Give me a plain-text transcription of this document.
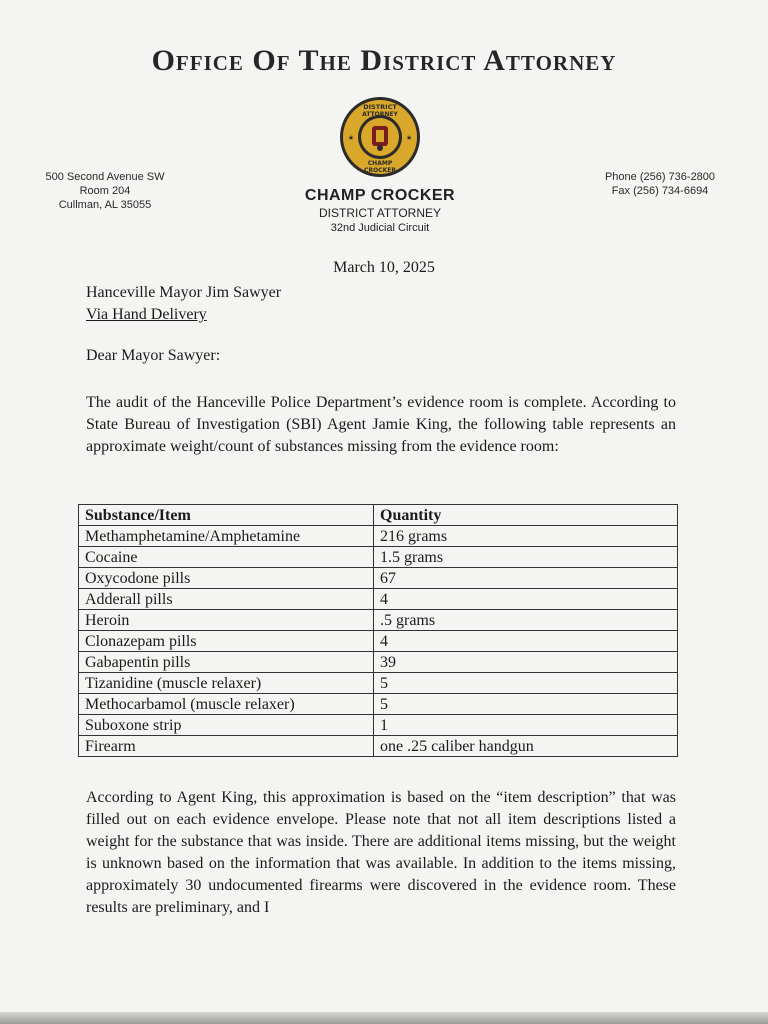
Office Of The District Attorney
DISTRICT
ATTORNEY
CHAMP
CROCKER
★	★
500 Second Avenue SW
Room 204
Cullman, AL 35055
Phone (256) 736-2800
Fax (256) 734-6694
CHAMP CROCKER
DISTRICT ATTORNEY
32nd Judicial Circuit
March 10, 2025
Hanceville Mayor Jim Sawyer
Via Hand Delivery
Dear Mayor Sawyer:
The audit of the Hanceville Police Department’s evidence room is complete. According to State Bureau of Investigation (SBI) Agent Jamie King, the following table represents an approximate weight/count of substances missing from the evidence room:
Substance/Item	Quantity
Methamphetamine/Amphetamine	216 grams
Cocaine	1.5 grams
Oxycodone pills	67
Adderall pills	4
Heroin	.5 grams
Clonazepam pills	4
Gabapentin pills	39
Tizanidine (muscle relaxer)	5
Methocarbamol (muscle relaxer)	5
Suboxone strip	1
Firearm	one .25 caliber handgun
According to Agent King, this approximation is based on the “item description” that was filled out on each evidence envelope. Please note that not all item descriptions listed a weight for the substance that was inside. There are additional items missing, but the weight is unknown based on the information that was available. In addition to the items missing, approximately 30 undocumented firearms were discovered in the evidence room. These results are preliminary, and I
